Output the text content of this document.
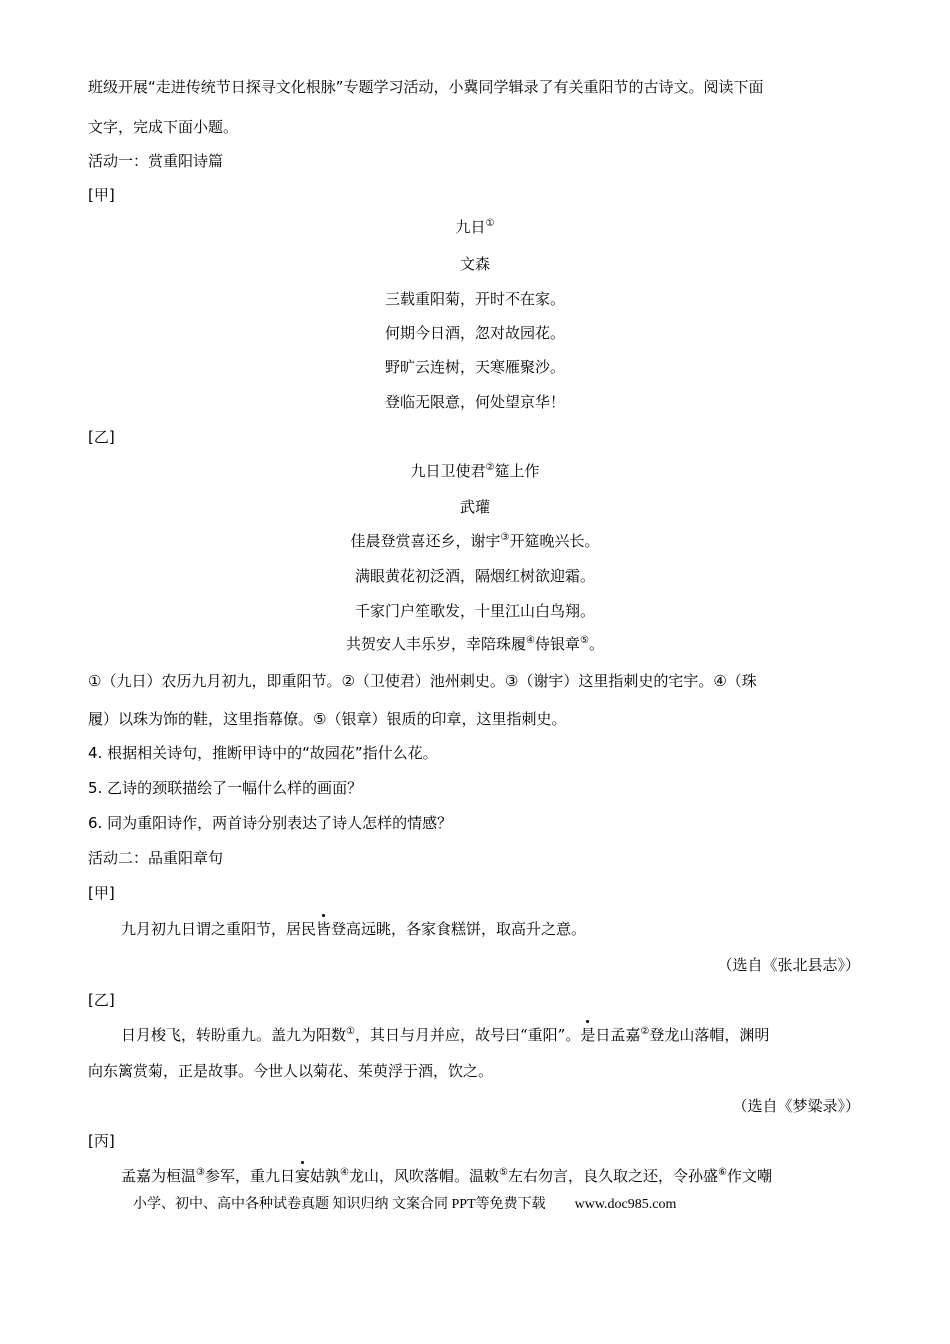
班级开展“走进传统节日探寻文化根脉”专题学习活动，小冀同学辑录了有关重阳节的古诗文。阅读下面
文字，完成下面小题。
活动一：赏重阳诗篇
[甲]
九日①
文森
三载重阳菊，开时不在家。
何期今日酒，忽对故园花。
野旷云连树，天寒雁聚沙。
登临无限意，何处望京华！
[乙]
九日卫使君②筵上作
武瓘
佳晨登赏喜还乡，谢宇③开筵晚兴长。
满眼黄花初泛酒，隔烟红树欲迎霜。
千家门户笙歌发，十里江山白鸟翔。
共贺安人丰乐岁，幸陪珠履④侍银章⑤。
①（九日）农历九月初九，即重阳节。②（卫使君）池州刺史。③（谢宇）这里指刺史的宅宇。④（珠
履）以珠为饰的鞋，这里指幕僚。⑤（银章）银质的印章，这里指刺史。
4. 根据相关诗句，推断甲诗中的“故园花”指什么花。
5. 乙诗的颈联描绘了一幅什么样的画面？
6. 同为重阳诗作，两首诗分别表达了诗人怎样的情感？
活动二：品重阳章句
[甲]
九月初九日谓之重阳节，居民皆登高远眺，各家食糕饼，取高升之意。
（选自《张北县志》）
[乙]
日月梭飞，转盼重九。盖九为阳数①，其日与月并应，故号曰“重阳”。是日孟嘉②登龙山落帽，渊明
向东篱赏菊，正是故事。今世人以菊花、茱萸浮于酒，饮之。
（选自《梦粱录》）
[丙]
孟嘉为桓温③参军，重九日宴姑孰④龙山，风吹落帽。温敕⑤左右勿言，良久取之还，令孙盛⑥作文嘲
小学、初中、高中各种试卷真题 知识归纳 文案合同 PPT等免费下载 www.doc985.com
